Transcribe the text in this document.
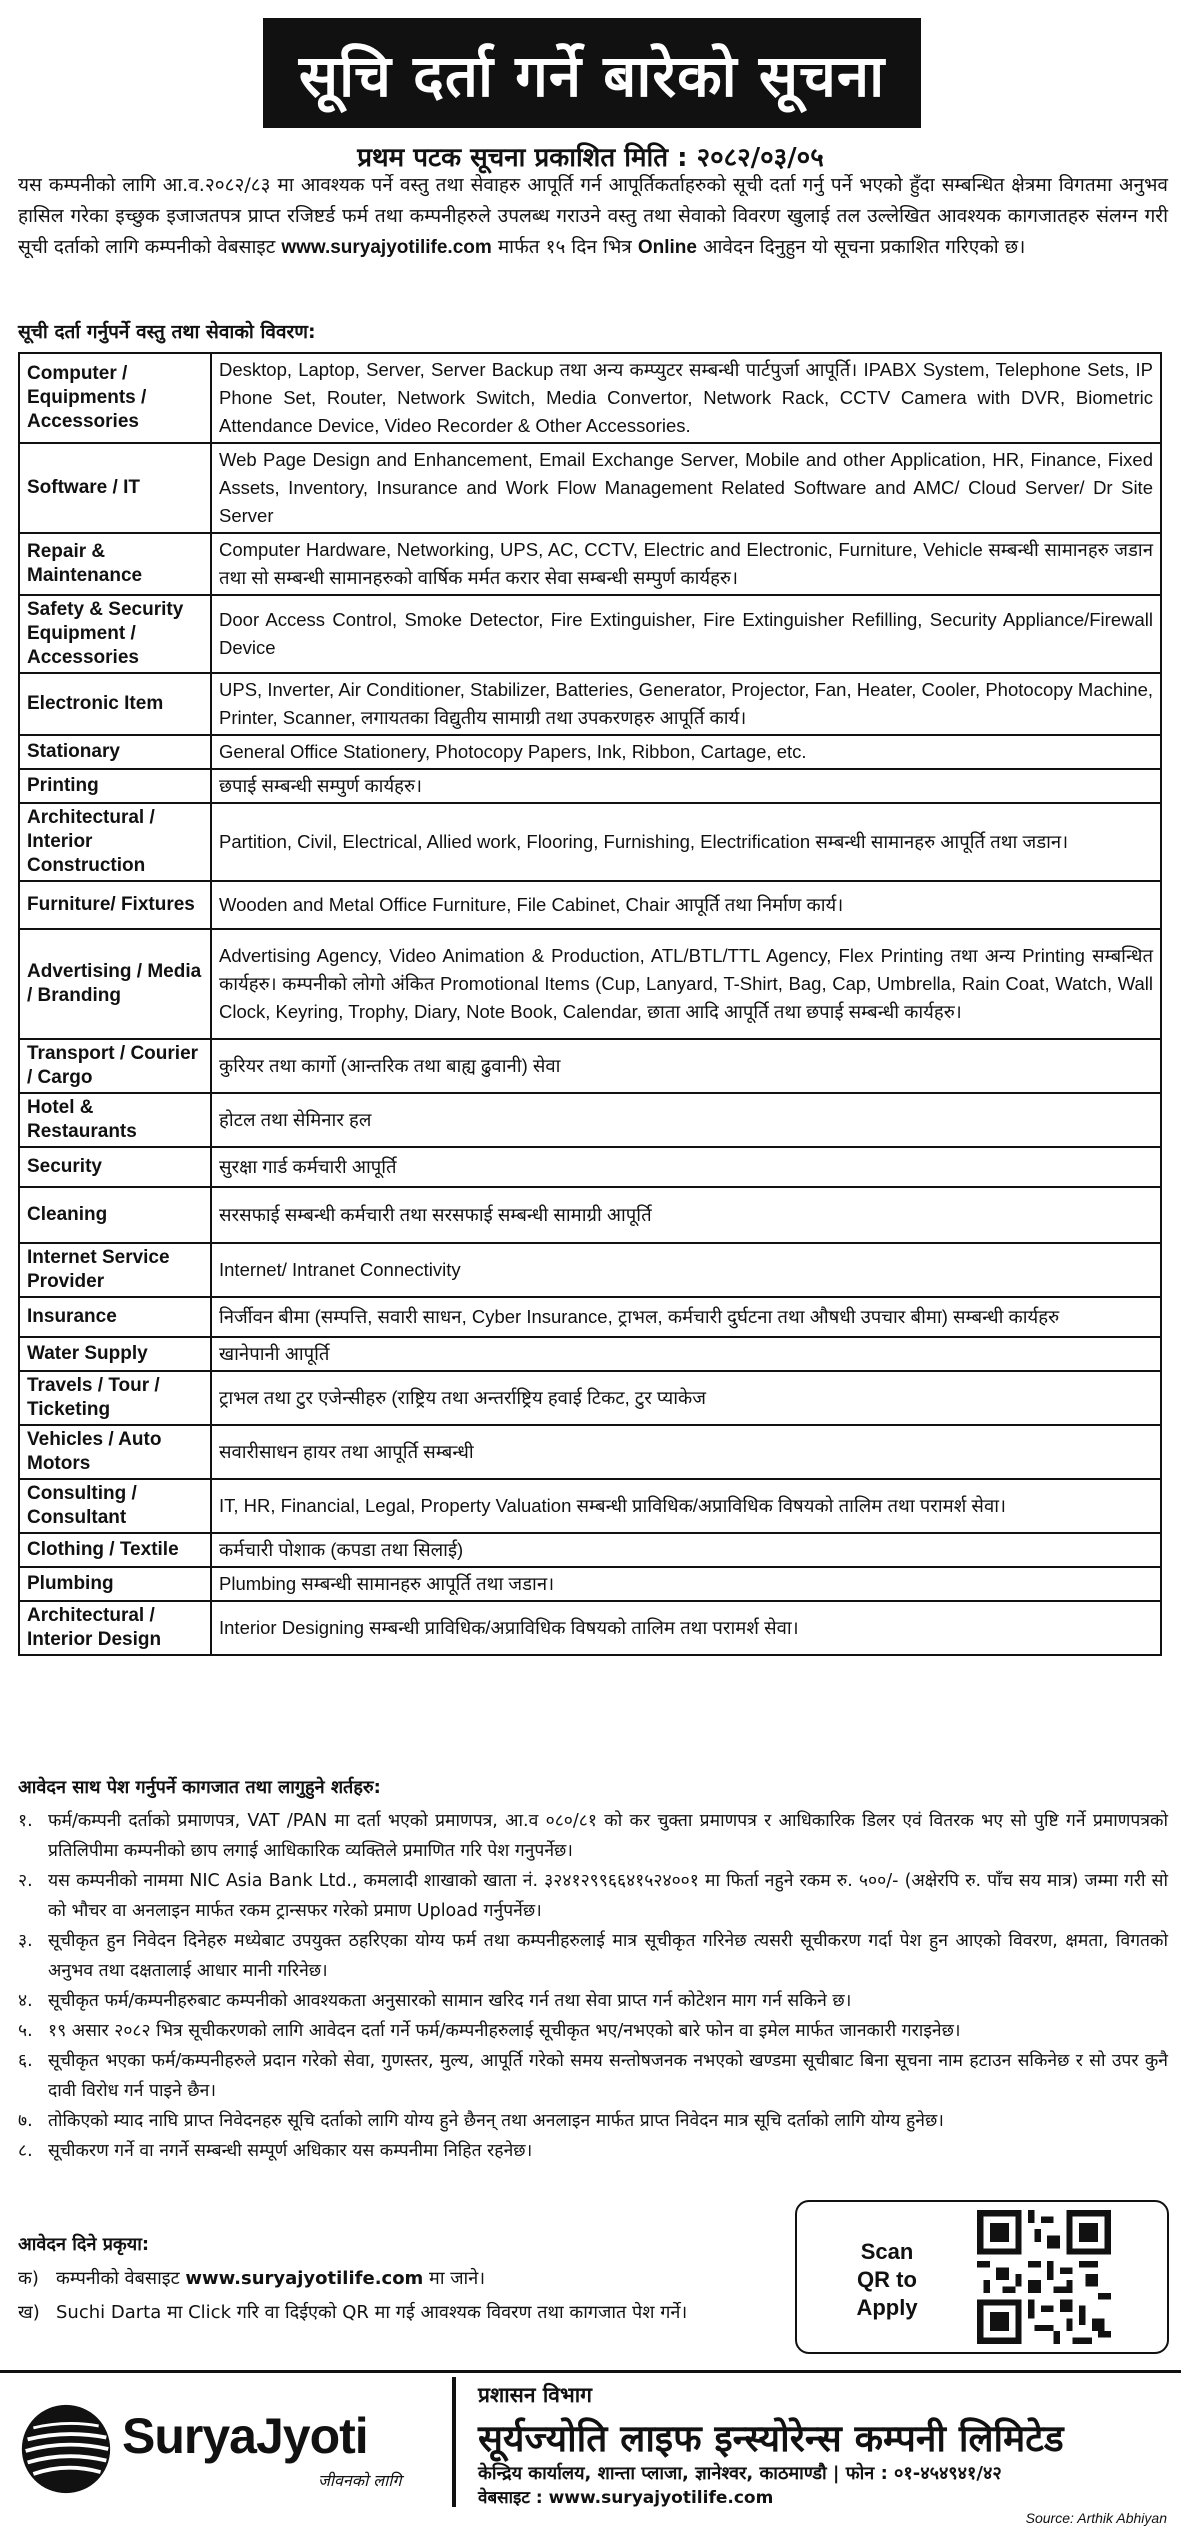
सूचि दर्ता गर्ने बारेको सूचना
प्रथम पटक सूचना प्रकाशित मिति : २०८२/०३/०५
यस कम्पनीको लागि आ.व.२०८२/८३ मा आवश्यक पर्ने वस्तु तथा सेवाहरु आपूर्ति गर्न आपूर्तिकर्ताहरुको सूची दर्ता गर्नु पर्ने भएकोे हुँदा सम्बन्धित क्षेत्रमा विगतमा अनुभव हासिल गरेका इच्छुक इजाजतपत्र प्राप्त रजिष्टर्ड फर्म तथा कम्पनीहरुले उपलब्ध गराउने वस्तु तथा सेवाको विवरण खुलाई तल उल्लेखित आवश्यक कागजातहरु संलग्न गरी सूची दर्ताको लागि कम्पनीको वेबसाइट www.suryajyotilife.com मार्फत १५ दिन भित्र Online आवेदन दिनुहुन यो सूचना प्रकाशित गरिएको छ।
सूची दर्ता गर्नुपर्ने वस्तु तथा सेवाको विवरण:
Computer / Equipments / Accessories	Desktop, Laptop, Server, Server Backup तथा अन्य कम्प्युटर सम्बन्धी पार्टपुर्जा आपूर्ति। IPABX System, Telephone Sets, IP Phone Set, Router, Network Switch, Media Convertor, Network Rack, CCTV Camera with DVR, Biometric Attendance Device, Video Recorder & Other Accessories.
Software / IT	Web Page Design and Enhancement, Email Exchange Server, Mobile and other Application, HR, Finance, Fixed Assets, Inventory, Insurance and Work Flow Management Related Software and AMC/ Cloud Server/ Dr Site Server
Repair & Maintenance	Computer Hardware, Networking, UPS, AC, CCTV, Electric and Electronic, Furniture, Vehicle सम्बन्धी सामानहरु जडान तथा सो सम्बन्धी सामानहरुको वार्षिक मर्मत करार सेवा सम्बन्धी सम्पुर्ण कार्यहरु।
Safety & Security Equipment / Accessories	Door Access Control, Smoke Detector, Fire Extinguisher, Fire Extinguisher Refilling, Security Appliance/Firewall Device
Electronic Item	UPS, Inverter, Air Conditioner, Stabilizer, Batteries, Generator, Projector, Fan, Heater, Cooler, Photocopy Machine, Printer, Scanner, लगायतका विद्युतीय सामाग्री तथा उपकरणहरु आपूर्ति कार्य।
Stationary	General Office Stationery, Photocopy Papers, Ink, Ribbon, Cartage, etc.
Printing	छपाई सम्बन्धी सम्पुर्ण कार्यहरु।
Architectural / Interior Construction	Partition, Civil, Electrical, Allied work, Flooring, Furnishing, Electrification सम्बन्धी सामानहरु आपूर्ति तथा जडान।
Furniture/ Fixtures	Wooden and Metal Office Furniture, File Cabinet, Chair आपूर्ति तथा निर्माण कार्य।
Advertising / Media / Branding	Advertising Agency, Video Animation & Production, ATL/BTL/TTL Agency, Flex Printing तथा अन्य Printing सम्बन्धित कार्यहरु। कम्पनीको लोगो अंकित Promotional Items (Cup, Lanyard, T-Shirt, Bag, Cap, Umbrella, Rain Coat, Watch, Wall Clock, Keyring, Trophy, Diary, Note Book, Calendar, छाता आदि आपूर्ति तथा छपाई सम्बन्धी कार्यहरु।
Transport / Courier / Cargo	कुरियर तथा कार्गो (आन्तरिक तथा बाह्य ढुवानी) सेवा
Hotel & Restaurants	होटल तथा सेमिनार हल
Security	सुरक्षा गार्ड कर्मचारी आपूर्ति
Cleaning	सरसफाई सम्बन्धी कर्मचारी तथा सरसफाई सम्बन्धी सामाग्री आपूर्ति
Internet Service Provider	Internet/ Intranet Connectivity
Insurance	निर्जीवन बीमा (सम्पत्ति, सवारी साधन, Cyber Insurance, ट्राभल, कर्मचारी दुर्घटना तथा औषधी उपचार बीमा) सम्बन्धी कार्यहरु
Water Supply	खानेपानी आपूर्ति
Travels / Tour / Ticketing	ट्राभल तथा टुर एजेन्सीहरु (राष्ट्रिय तथा अन्तर्राष्ट्रिय हवाई टिकट, टुर प्याकेज
Vehicles / Auto Motors	सवारीसाधन हायर तथा आपूर्ति सम्बन्धी
Consulting / Consultant	IT, HR, Financial, Legal, Property Valuation सम्बन्धी प्राविधिक/अप्राविधिक विषयको तालिम तथा परामर्श सेवा।
Clothing / Textile	कर्मचारी पोशाक (कपडा तथा सिलाई)
Plumbing	Plumbing सम्बन्धी सामानहरु आपूर्ति तथा जडान।
Architectural / Interior Design	Interior Designing सम्बन्धी प्राविधिक/अप्राविधिक विषयको तालिम तथा परामर्श सेवा।
आवेदन साथ पेश गर्नुपर्ने कागजात तथा लागुहुने शर्तहरु:
१. फर्म/कम्पनी दर्ताको प्रमाणपत्र, VAT /PAN मा दर्ता भएको प्रमाणपत्र, आ.व ०८०/८१ को कर चुक्ता प्रमाणपत्र र आधिकारिक डिलर एवं वितरक भए सो पुष्टि गर्ने प्रमाणपत्रको प्रतिलिपीमा कम्पनीको छाप लगाई आधिकारिक व्यक्तिले प्रमाणित गरि पेश गनुपर्नेछ।
२. यस कम्पनीको नाममा NIC Asia Bank Ltd., कमलादी शाखाको खाता नं. ३२४१२९९६६४१५२४००१ मा फिर्ता नहुने रकम रु. ५००/- (अक्षेरपि रु. पाँच सय मात्र) जम्मा गरी सो को भौचर वा अनलाइन मार्फत रकम ट्रान्सफर गरेको प्रमाण Upload गर्नुपर्नेछ।
३. सूचीकृत हुन निवेदन दिनेहरु मध्येबाट उपयुक्त ठहरिएका योग्य फर्म तथा कम्पनीहरुलाई मात्र सूचीकृत गरिनेछ त्यसरी सूचीकरण गर्दा पेश हुन आएको विवरण, क्षमता, विगतको अनुभव तथा दक्षतालाई आधार मानी गरिनेछ।
४. सूचीकृत फर्म/कम्पनीहरुबाट कम्पनीको आवश्यकता अनुसारको सामान खरिद गर्न तथा सेवा प्राप्त गर्न कोटेशन माग गर्न सकिने छ।
५. १९ असार २०८२ भित्र सूचीकरणको लागि आवेदन दर्ता गर्ने फर्म/कम्पनीहरुलाई सूचीकृत भए/नभएको बारे फोन वा इमेल मार्फत जानकारी गराइनेछ।
६. सूचीकृत भएका फर्म/कम्पनीहरुले प्रदान गरेको सेवा, गुणस्तर, मुल्य, आपूर्ति गरेको समय सन्तोषजनक नभएको खण्डमा सूचीबाट बिना सूचना नाम हटाउन सकिनेछ र सो उपर कुनै दावी विरोध गर्न पाइने छैन।
७. तोकिएको म्याद नाघि प्राप्त निवेदनहरु सूचि दर्ताको लागि योग्य हुने छैनन् तथा अनलाइन मार्फत प्राप्त निवेदन मात्र सूचि दर्ताको लागि योग्य हुनेछ।
८. सूचीकरण गर्ने वा नगर्ने सम्बन्धी सम्पूर्ण अधिकार यस कम्पनीमा निहित रहनेछ।
आवेदन दिने प्रकृया:
क) कम्पनीको वेबसाइट www.suryajyotilife.com मा जाने।
ख) Suchi Darta मा Click गरि वा दिईएको QR मा गई आवश्यक विवरण तथा कागजात पेश गर्ने।
Scan
QR to Apply
SuryaJyoti
जीवनको लागि
प्रशासन विभाग
सूर्यज्योति लाइफ इन्स्योरेन्स कम्पनी लिमिटेड
केन्द्रिय कार्यालय, शान्ता प्लाजा, ज्ञानेश्वर, काठमाण्डौ | फोन : ०१-४५४९४१/४२
वेबसाइट : www.suryajyotilife.com
Source: Arthik Abhiyan
